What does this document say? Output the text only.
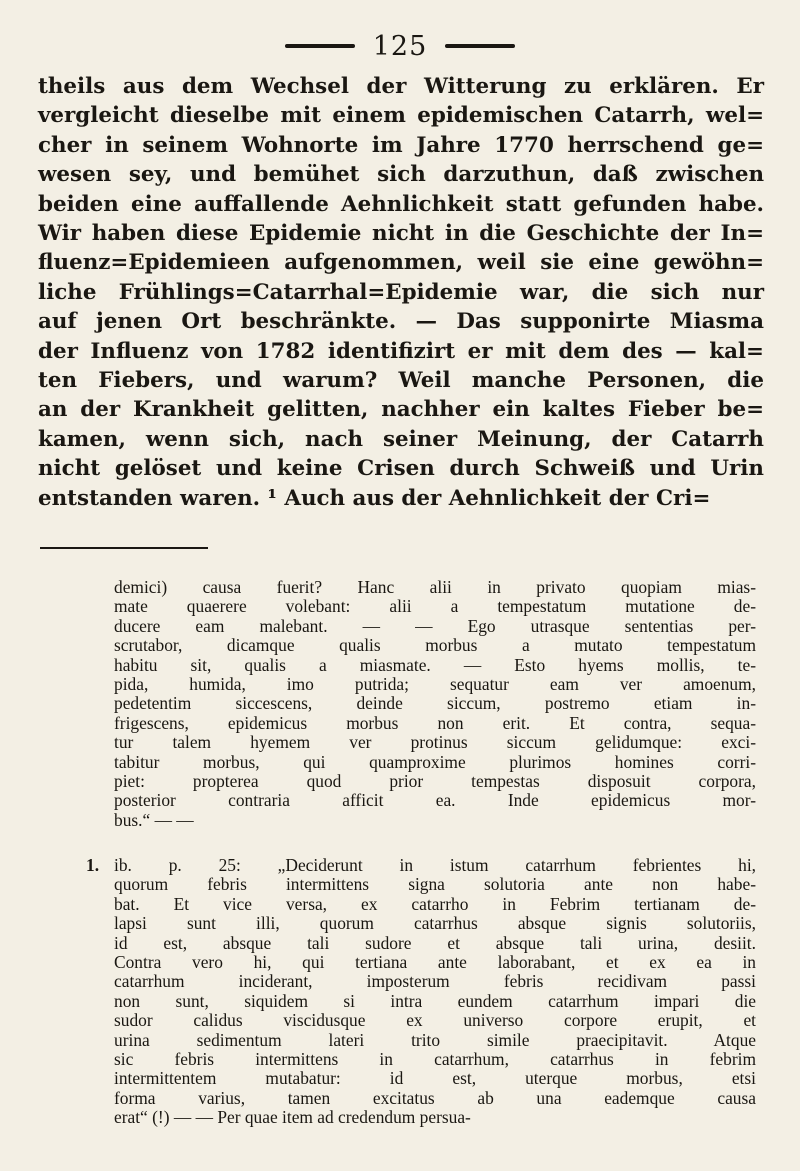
125
theils aus dem Wechsel der Witterung zu erklären. Er
vergleicht dieselbe mit einem epidemischen Catarrh, wel=
cher in seinem Wohnorte im Jahre 1770 herrschend ge=
wesen sey, und bemühet sich darzuthun, daß zwischen
beiden eine auffallende Aehnlichkeit statt gefunden habe.
Wir haben diese Epidemie nicht in die Geschichte der In=
fluenz=Epidemieen aufgenommen, weil sie eine gewöhn=
liche Frühlings=Catarrhal=Epidemie war, die sich nur
auf jenen Ort beschränkte. — Das supponirte Miasma
der Influenz von 1782 identifizirt er mit dem des — kal=
ten Fiebers, und warum? Weil manche Personen, die
an der Krankheit gelitten, nachher ein kaltes Fieber be=
kamen, wenn sich, nach seiner Meinung, der Catarrh
nicht gelöset und keine Crisen durch Schweiß und Urin
entstanden waren. ¹ Auch aus der Aehnlichkeit der Cri=
demici) causa fuerit? Hanc alii in privato quopiam mias-
mate quaerere volebant: alii a tempestatum mutatione de-
ducere eam malebant. — — Ego utrasque sententias per-
scrutabor, dicamque qualis morbus a mutato tempestatum
habitu sit, qualis a miasmate. — Esto hyems mollis, te-
pida, humida, imo putrida; sequatur eam ver amoenum,
pedetentim siccescens, deinde siccum, postremo etiam in-
frigescens, epidemicus morbus non erit. Et contra, sequa-
tur talem hyemem ver protinus siccum gelidumque: exci-
tabitur morbus, qui quamproxime plurimos homines corri-
piet: propterea quod prior tempestas disposuit corpora,
posterior contraria afficit ea. Inde epidemicus mor-
bus.“ — —
1. ib. p. 25: „Deciderunt in istum catarrhum febrientes hi,
quorum febris intermittens signa solutoria ante non habe-
bat. Et vice versa, ex catarrho in Febrim tertianam de-
lapsi sunt illi, quorum catarrhus absque signis solutoriis,
id est, absque tali sudore et absque tali urina, desiit.
Contra vero hi, qui tertiana ante laborabant, et ex ea in
catarrhum inciderant, imposterum febris recidivam passi
non sunt, siquidem si intra eundem catarrhum impari die
sudor calidus viscidusque ex universo corpore erupit, et
urina sedimentum lateri trito simile praecipitavit. Atque
sic febris intermittens in catarrhum, catarrhus in febrim
intermittentem mutabatur: id est, uterque morbus, etsi
forma varius, tamen excitatus ab una eademque causa
erat“ (!) — — Per quae item ad credendum persua-
